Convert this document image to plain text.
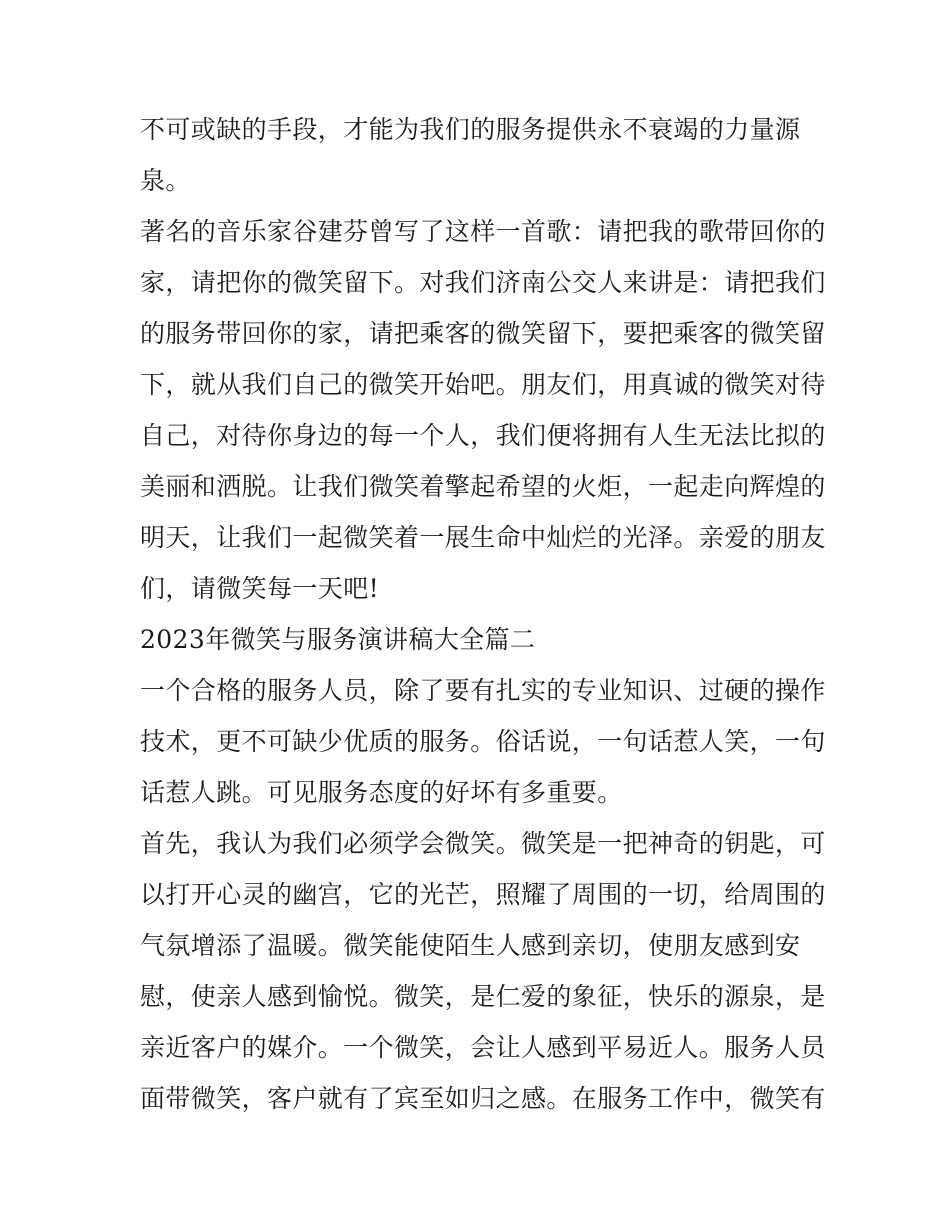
不可或缺的手段，才能为我们的服务提供永不衰竭的力量源
泉。
著名的音乐家谷建芬曾写了这样一首歌：请把我的歌带回你的
家，请把你的微笑留下。对我们济南公交人来讲是：请把我们
的服务带回你的家，请把乘客的微笑留下，要把乘客的微笑留
下，就从我们自己的微笑开始吧。朋友们，用真诚的微笑对待
自己，对待你身边的每一个人，我们便将拥有人生无法比拟的
美丽和洒脱。让我们微笑着擎起希望的火炬，一起走向辉煌的
明天，让我们一起微笑着一展生命中灿烂的光泽。亲爱的朋友
们，请微笑每一天吧!
2023年微笑与服务演讲稿大全篇二
一个合格的服务人员，除了要有扎实的专业知识、过硬的操作
技术，更不可缺少优质的服务。俗话说，一句话惹人笑，一句
话惹人跳。可见服务态度的好坏有多重要。
首先，我认为我们必须学会微笑。微笑是一把神奇的钥匙，可
以打开心灵的幽宫，它的光芒，照耀了周围的一切，给周围的
气氛增添了温暖。微笑能使陌生人感到亲切，使朋友感到安
慰，使亲人感到愉悦。微笑，是仁爱的象征，快乐的源泉，是
亲近客户的媒介。一个微笑，会让人感到平易近人。服务人员
面带微笑，客户就有了宾至如归之感。在服务工作中，微笑有
